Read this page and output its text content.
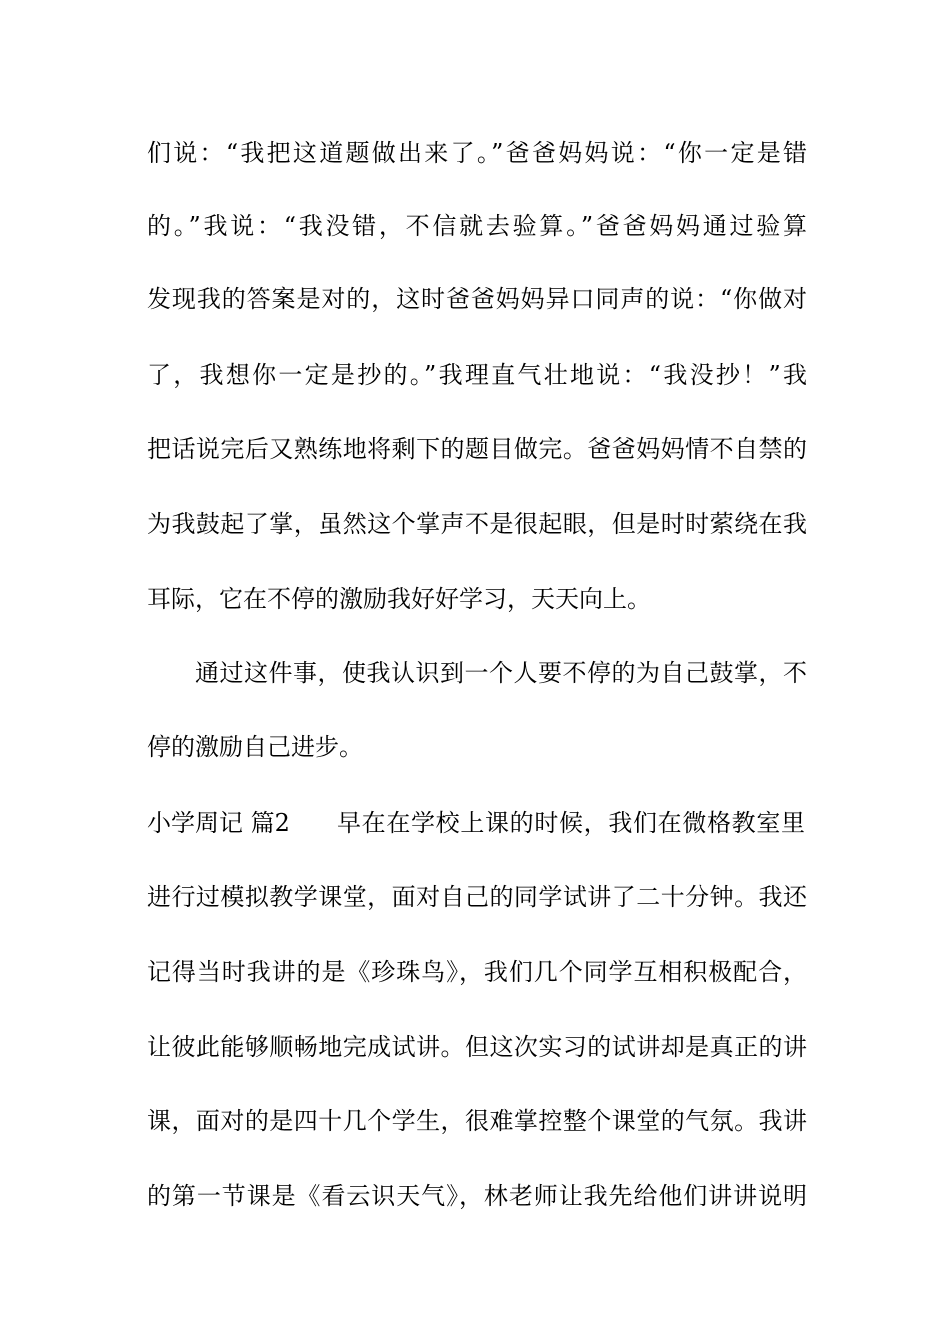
们说：“我把这道题做出来了。”爸爸妈妈说：“你一定是错
的。”我说：“我没错，不信就去验算。”爸爸妈妈通过验算
发现我的答案是对的，这时爸爸妈妈异口同声的说：“你做对
了，我想你一定是抄的。”我理直气壮地说：“我没抄！”我
把话说完后又熟练地将剩下的题目做完。爸爸妈妈情不自禁的
为我鼓起了掌，虽然这个掌声不是很起眼，但是时时萦绕在我
耳际，它在不停的激励我好好学习，天天向上。
通过这件事，使我认识到一个人要不停的为自己鼓掌，不
停的激励自己进步。
小学周记 篇2 早在在学校上课的时候，我们在微格教室里
进行过模拟教学课堂，面对自己的同学试讲了二十分钟。我还
记得当时我讲的是《珍珠鸟》，我们几个同学互相积极配合，
让彼此能够顺畅地完成试讲。但这次实习的试讲却是真正的讲
课，面对的是四十几个学生，很难掌控整个课堂的气氛。我讲
的第一节课是《看云识天气》，林老师让我先给他们讲讲说明
